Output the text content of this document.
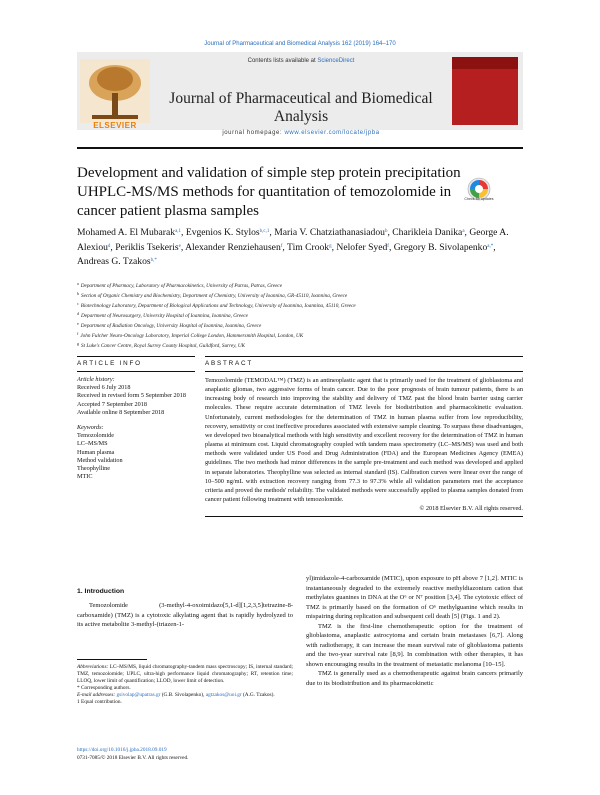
Journal of Pharmaceutical and Biomedical Analysis 162 (2019) 164–170
ELSEVIER
Contents lists available at ScienceDirect
Journal of Pharmaceutical and Biomedical Analysis
journal homepage: www.elsevier.com/locate/jpba
Development and validation of simple step protein precipitation UHPLC-MS/MS methods for quantitation of temozolomide in cancer patient plasma samples
Check for updates
Mohamed A. El Mubarak$^{a,1}$, Evgenios K. Stylos$^{b,c,1}$, Maria V. Chatziathanasiadou$^b$, Charikleia Danika$^a$, George A. Alexiou$^d$, Periklis Tsekeris$^e$, Alexander Renziehausen$^f$, Tim Crook$^g$, Nelofer Syed$^f$, Gregory B. Sivolapenko$^{a,*}$, Andreas G. Tzakos$^{b,*}$
$^a$ Department of Pharmacy, Laboratory of Pharmacokinetics, University of Patras, Patras, Greece
$^b$ Section of Organic Chemistry and Biochemistry, Department of Chemistry, University of Ioannina, GR-45110, Ioannina, Greece
$^c$ Biotechnology Laboratory, Department of Biological Applications and Technology, University of Ioannina, Ioannina, 45110, Greece
$^d$ Department of Neurosurgery, University Hospital of Ioannina, Ioannina, Greece
$^e$ Department of Radiation Oncology, University Hospital of Ioannina, Ioannina, Greece
$^f$ John Fulcher Neuro-Oncology Laboratory, Imperial College London, Hammersmith Hospital, London, UK
$^g$ St Luke's Cancer Centre, Royal Surrey County Hospital, Guildford, Surrey, UK
ARTICLE INFO
Article history:
Received 6 July 2018
Received in revised form 5 September 2018
Accepted 7 September 2018
Available online 8 September 2018
Keywords:
Temozolomide
LC–MS/MS
Human plasma
Method validation
Theophylline
MTIC
ABSTRACT
Temozolomide (TEMODAL™) (TMZ) is an antineoplastic agent that is primarily used for the treatment of glioblastoma and anaplastic gliomas, two aggressive forms of brain cancer. Due to the poor prognosis of brain tumour patients, there is an increasing body of research into improving the stability and delivery of TMZ past the blood brain barrier using carrier molecules. These require accurate determination of TMZ levels for biodistribution and pharmacokinetic evaluation. Unfortunately, current methodologies for the determination of TMZ in human plasma suffer from low reproducibility, recovery, sensitivity or cost ineffective procedures associated with extensive sample cleaning. To surpass these disadvantages, we developed two bioanalytical methods with high sensitivity and excellent recovery for the determination of TMZ in human plasma at minimum cost. Liquid chromatography coupled with tandem mass spectrometry (LC–MS/MS) was used and both methods were validated under US Food and Drug Administration (FDA) and the European Medicines Agency (EMEA) guidelines. The two methods had minor differences in the sample pre-treatment and each method was developed and applied in separate laboratories. Theophylline was selected as internal standard (IS). Calibration curves were linear over the range of 10–500 ng/mL with extraction recovery ranging from 77.3 to 97.3% while all validation parameters met the acceptance criteria and proved the methods' reliability. The validated methods were successfully applied to plasma samples donated from cancer patient following treatment with temozolomide.
© 2018 Elsevier B.V. All rights reserved.
1. Introduction
Temozolomide (3-methyl-4-oxoimidazo[5,1-d][1,2,3,5]tetrazine-8-carboxamide) (TMZ) is a cytotoxic alkylating agent that is rapidly hydrolyzed to its active metabolite 3-methyl-(triazen-1-

yl)imidazole-4-carboxamide (MTIC), upon exposure to pH above 7 [1,2]. MTIC is instantaneously degraded to the extremely reactive methyldiazonium cation that methylates guanines in DNA at the O⁶ or N⁷ position [3,4]. The cytotoxic effect of TMZ is primarily based on the formation of O⁶ methylguanine which results in mispairing during replication and subsequent cell death [5] (Figs. 1 and 2).

TMZ is the first-line chemotherapeutic option for the treatment of glioblastoma, anaplastic astrocytoma and certain brain metastases [6,7]. Along with radiotherapy, it can increase the mean survival rate of glioblastoma patients and the two-year survival rate [8,9]. In combination with other therapies, it has shown encouraging results in the treatment of metastatic melanoma [10–15].

TMZ is generally used as a chemotherapeutic against brain cancers primarily due to its biodistribution and its pharmacokinetic

Abbreviations: LC–MS/MS, liquid chromatography-tandem mass spectroscopy; IS, internal standard; TMZ, temozolomide; UPLC, ultra-high performance liquid chromatography; RT, retention time; LLOQ, lower limit of quantification; LLOD, lower limit of detection.
* Corresponding authors.
E-mail addresses: gsivolap@upatras.gr (G.B. Sivolapenko), agtzakos@uoi.gr (A.G. Tzakos).
1 Equal contribution.
https://doi.org/10.1016/j.jpba.2018.09.019
0731-7085/© 2018 Elsevier B.V. All rights reserved.
